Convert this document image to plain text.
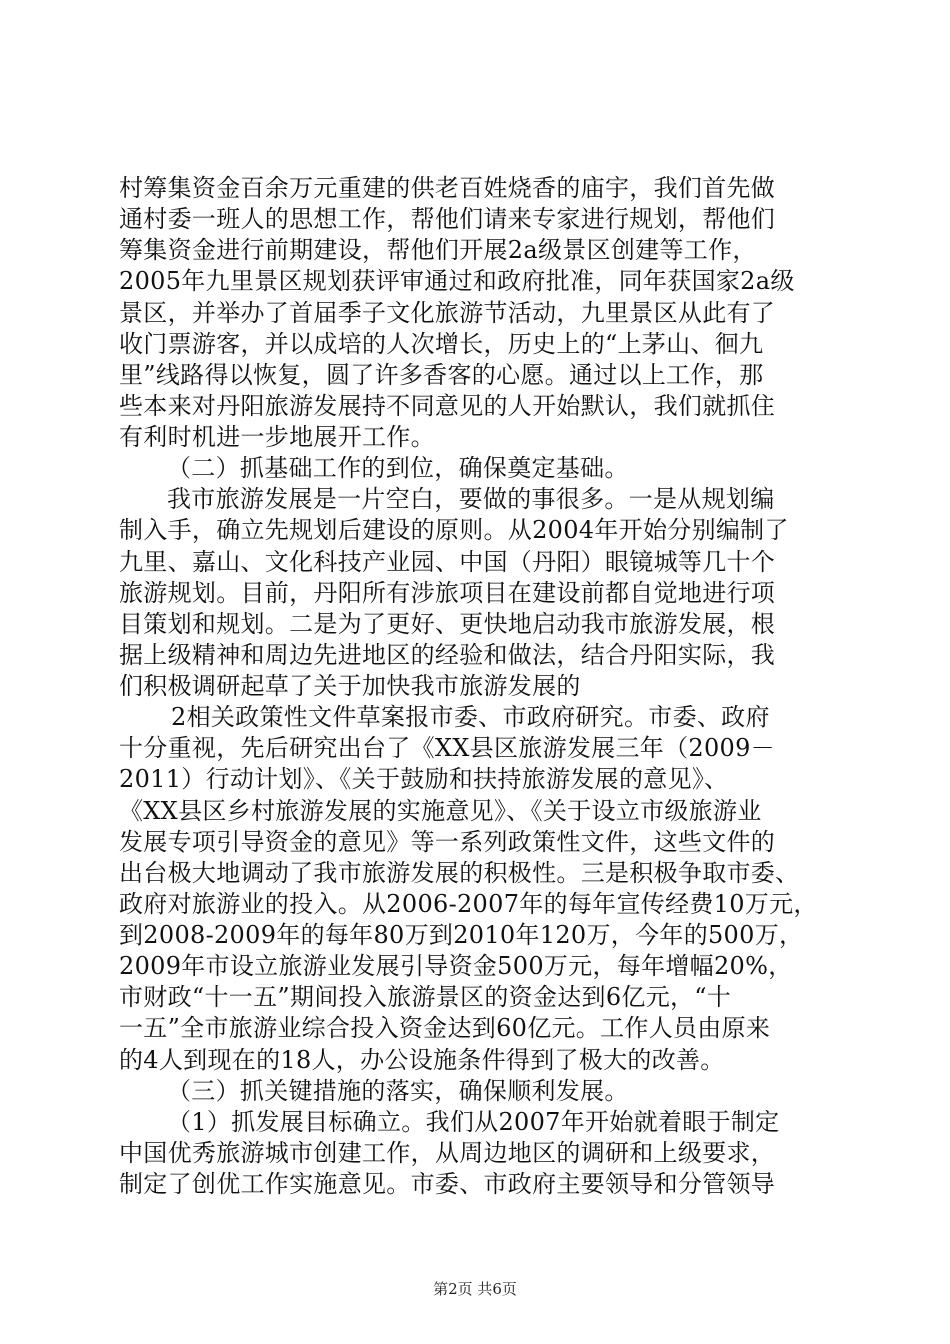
村筹集资金百余万元重建的供老百姓烧香的庙宇，我们首先做
通村委一班人的思想工作，帮他们请来专家进行规划，帮他们
筹集资金进行前期建设，帮他们开展2a级景区创建等工作，
2005年九里景区规划获评审通过和政府批准，同年获国家2a级
景区，并举办了首届季子文化旅游节活动，九里景区从此有了
收门票游客，并以成培的人次增长，历史上的“上茅山、徊九
里”线路得以恢复，圆了许多香客的心愿。通过以上工作，那
些本来对丹阳旅游发展持不同意见的人开始默认，我们就抓住
有利时机进一步地展开工作。
（二）抓基础工作的到位，确保奠定基础。
我市旅游发展是一片空白，要做的事很多。一是从规划编
制入手，确立先规划后建设的原则。从2004年开始分别编制了
九里、嘉山、文化科技产业园、中国（丹阳）眼镜城等几十个
旅游规划。目前，丹阳所有涉旅项目在建设前都自觉地进行项
目策划和规划。二是为了更好、更快地启动我市旅游发展，根
据上级精神和周边先进地区的经验和做法，结合丹阳实际，我
们积极调研起草了关于加快我市旅游发展的
2相关政策性文件草案报市委、市政府研究。市委、政府
十分重视，先后研究出台了《XX县区旅游发展三年（2009－
2011）行动计划》、《关于鼓励和扶持旅游发展的意见》、
《XX县区乡村旅游发展的实施意见》、《关于设立市级旅游业
发展专项引导资金的意见》等一系列政策性文件，这些文件的
出台极大地调动了我市旅游发展的积极性。三是积极争取市委、
政府对旅游业的投入。从2006-2007年的每年宣传经费10万元，
到2008-2009年的每年80万到2010年120万，今年的500万，
2009年市设立旅游业发展引导资金500万元，每年增幅20%，
市财政“十一五”期间投入旅游景区的资金达到6亿元，“十
一五”全市旅游业综合投入资金达到60亿元。工作人员由原来
的4人到现在的18人，办公设施条件得到了极大的改善。
（三）抓关键措施的落实，确保顺利发展。
（1）抓发展目标确立。我们从2007年开始就着眼于制定
中国优秀旅游城市创建工作，从周边地区的调研和上级要求，
制定了创优工作实施意见。市委、市政府主要领导和分管领导
第2页 共6页
